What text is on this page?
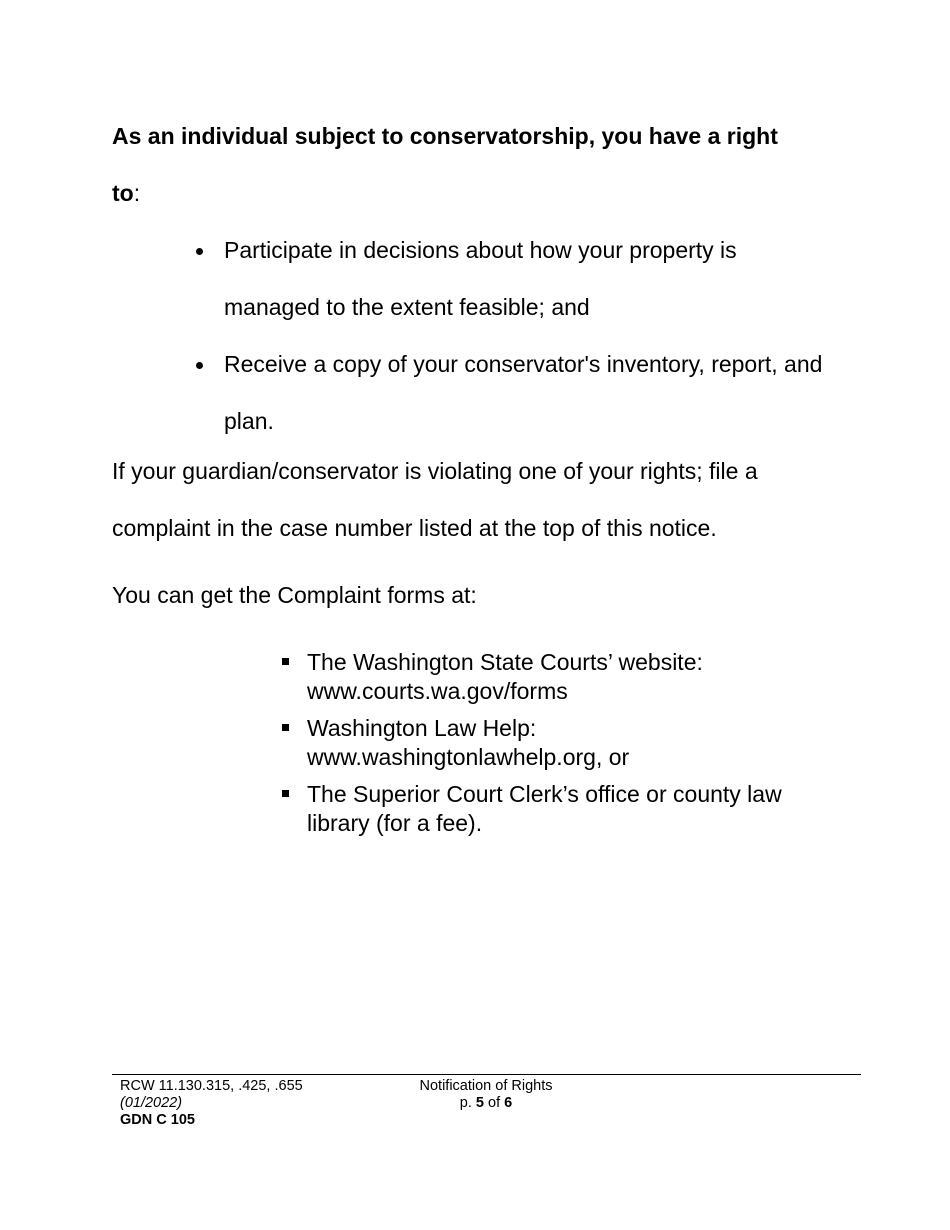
As an individual subject to conservatorship, you have a right
to:

Participate in decisions about how your property is managed to the extent feasible; and
Receive a copy of your conservator's inventory, report, and plan.

If your guardian/conservator is violating one of your rights; file a complaint in the case number listed at the top of this notice.

You can get the Complaint forms at:

The Washington State Courts’ website:
www.courts.wa.gov/forms
Washington Law Help:
www.washingtonlawhelp.org, or
The Superior Court Clerk’s office or county law
library (for a fee).
RCW 11.130.315, .425, .655
(01/2022)
GDN C 105
Notification of Rights
p. 5 of 6
